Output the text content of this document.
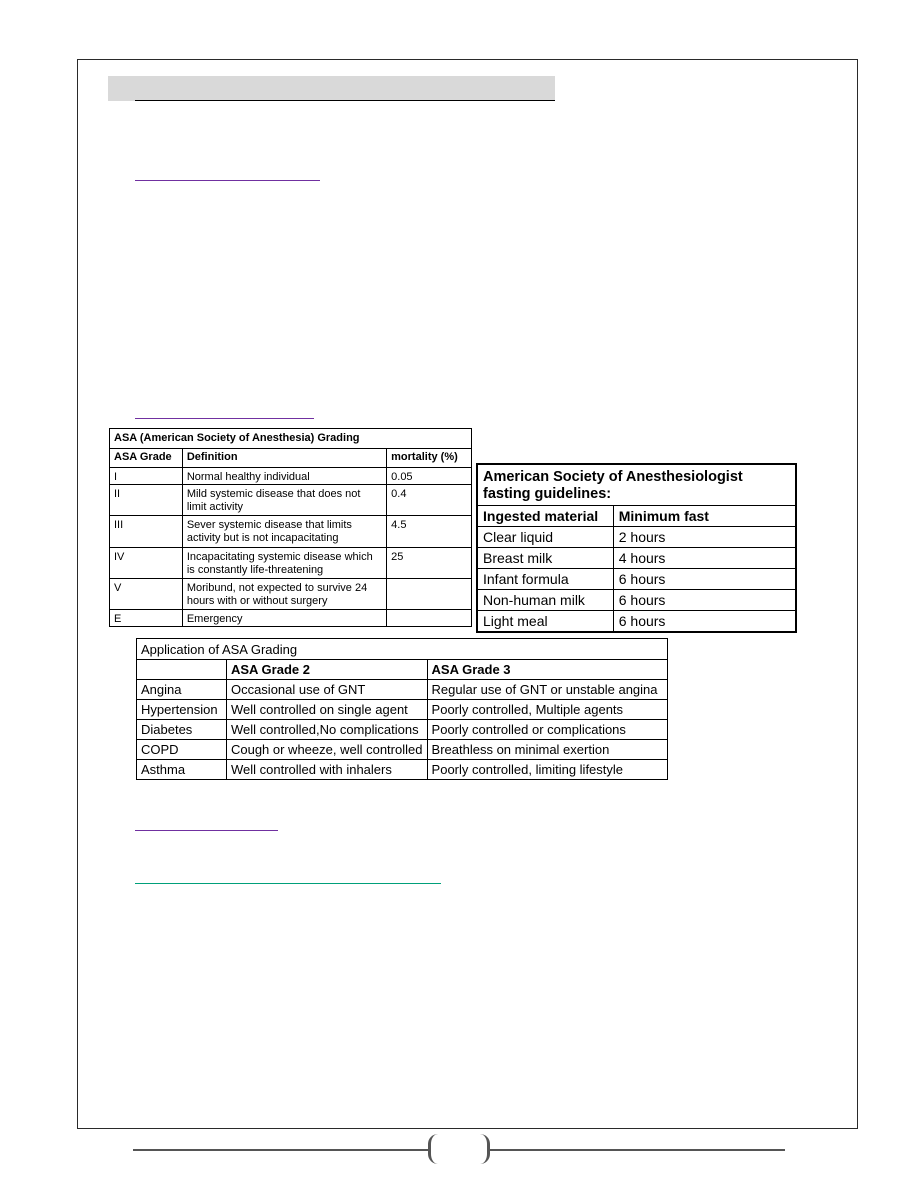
ASA (American Society of Anesthesia) Grading		
ASA Grade	Definition	mortality (%)
I	Normal healthy individual	0.05
II	Mild systemic disease that does not limit activity	0.4
III	Sever systemic disease that limits activity but is not incapacitating	4.5
IV	Incapacitating systemic disease which is constantly life-threatening	25
V	Moribund, not expected to survive 24 hours with or without surgery	
E	Emergency	
American Society of Anesthesiologist fasting guidelines:	
Ingested material	Minimum fast
Clear liquid	2 hours
Breast milk	4 hours
Infant formula	6 hours
Non-human milk	6 hours
Light meal	6 hours
Application of ASA Grading		
	ASA Grade 2	ASA Grade 3
Angina	Occasional use of GNT	Regular use of GNT or unstable angina
Hypertension	Well controlled on single agent	Poorly controlled, Multiple agents
Diabetes	Well controlled,No complications	Poorly controlled or complications
COPD	Cough or wheeze, well controlled	Breathless on minimal exertion
Asthma	Well controlled with inhalers	Poorly controlled, limiting lifestyle
